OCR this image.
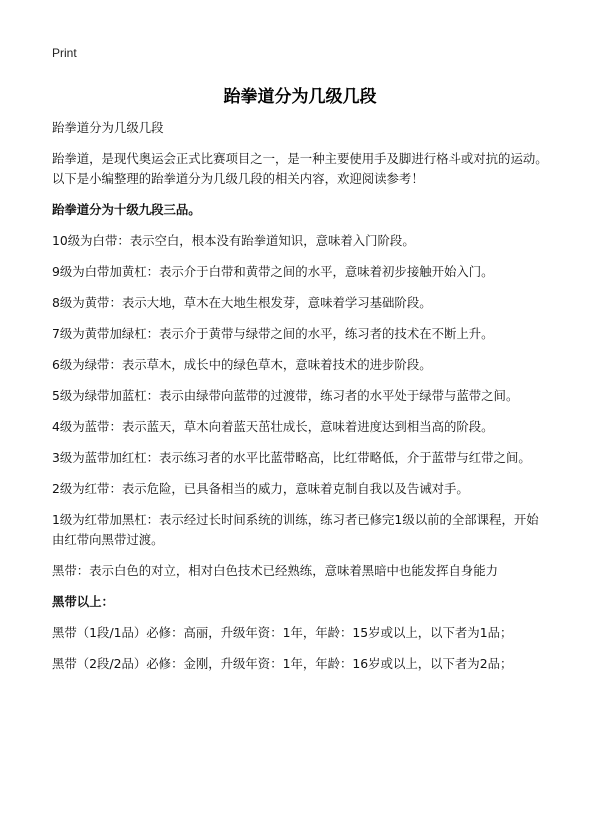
Print
跆拳道分为几级几段
跆拳道分为几级几段
跆拳道，是现代奥运会正式比赛项目之一，是一种主要使用手及脚进行格斗或对抗的运动。以下是小编整理的跆拳道分为几级几段的相关内容，欢迎阅读参考！
跆拳道分为十级九段三品。
10级为白带：表示空白，根本没有跆拳道知识，意味着入门阶段。
9级为白带加黄杠：表示介于白带和黄带之间的水平，意味着初步接触开始入门。
8级为黄带：表示大地，草木在大地生根发芽，意味着学习基础阶段。
7级为黄带加绿杠：表示介于黄带与绿带之间的水平，练习者的技术在不断上升。
6级为绿带：表示草木，成长中的绿色草木，意味着技术的进步阶段。
5级为绿带加蓝杠：表示由绿带向蓝带的过渡带，练习者的水平处于绿带与蓝带之间。
4级为蓝带：表示蓝天，草木向着蓝天茁壮成长，意味着进度达到相当高的阶段。
3级为蓝带加红杠：表示练习者的水平比蓝带略高，比红带略低，介于蓝带与红带之间。
2级为红带：表示危险，已具备相当的威力，意味着克制自我以及告诫对手。
1级为红带加黑杠：表示经过长时间系统的训练，练习者已修完1级以前的全部课程，开始由红带向黑带过渡。
黑带：表示白色的对立，相对白色技术已经熟练，意味着黑暗中也能发挥自身能力
黑带以上：
黑带（1段/1品）必修：高丽，升级年资：1年，年龄：15岁或以上，以下者为1品；
黑带（2段/2品）必修：金刚，升级年资：1年，年龄：16岁或以上，以下者为2品；
